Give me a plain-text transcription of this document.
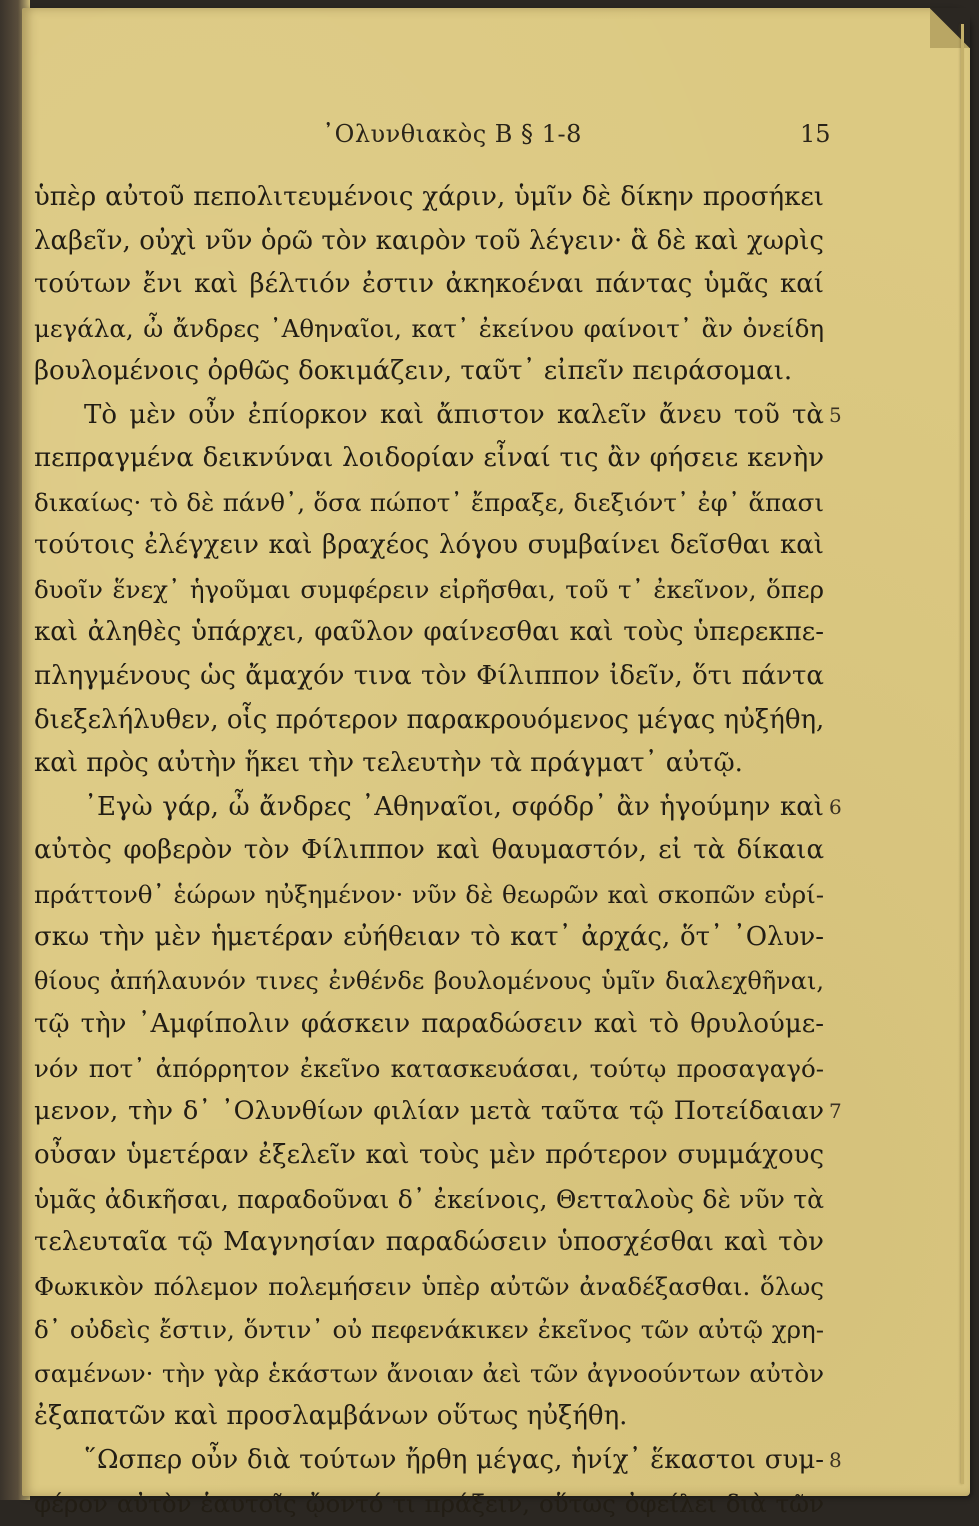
᾿Ολυνθιακὸς Β § 1-8	15
ὑπὲρ αὐτοῦ πεπολιτευμένοις χάριν, ὑμῖν δὲ δίκην προσήκει
λαβεῖν, οὐχὶ νῦν ὁρῶ τὸν καιρὸν τοῦ λέγειν· ἃ δὲ καὶ χωρὶς
τούτων ἔνι καὶ βέλτιόν ἐστιν ἀκηκοέναι πάντας ὑμᾶς καί
μεγάλα, ὦ ἄνδρες ᾿Αθηναῖοι, κατ᾿ ἐκείνου φαίνοιτ᾿ ἂν ὀνείδη
βουλομένοις ὀρθῶς δοκιμάζειν, ταῦτ᾿ εἰπεῖν πειράσομαι.
Τὸ μὲν οὖν ἐπίορκον καὶ ἄπιστον καλεῖν ἄνευ τοῦ τὰ 5
πεπραγμένα δεικνύναι λοιδορίαν εἶναί τις ἂν φήσειε κενὴν
δικαίως· τὸ δὲ πάνθ᾿, ὅσα πώποτ᾿ ἔπραξε, διεξιόντ᾿ ἐφ᾿ ἅπασι
τούτοις ἐλέγχειν καὶ βραχέος λόγου συμβαίνει δεῖσθαι καὶ
δυοῖν ἕνεχ᾿ ἡγοῦμαι συμφέρειν εἰρῆσθαι, τοῦ τ᾿ ἐκεῖνον, ὅπερ
καὶ ἀληθὲς ὑπάρχει, φαῦλον φαίνεσθαι καὶ τοὺς ὑπερεκπε-
πληγμένους ὡς ἄμαχόν τινα τὸν Φίλιππον ἰδεῖν, ὅτι πάντα
διεξελήλυθεν, οἷς πρότερον παρακρουόμενος μέγας ηὐξήθη,
καὶ πρὸς αὐτὴν ἥκει τὴν τελευτὴν τὰ πράγματ᾿ αὐτῷ.
᾿Εγὼ γάρ, ὦ ἄνδρες ᾿Αθηναῖοι, σφόδρ᾿ ἂν ἡγούμην καὶ 6
αὐτὸς φοβερὸν τὸν Φίλιππον καὶ θαυμαστόν, εἰ τὰ δίκαια
πράττονθ᾿ ἑώρων ηὐξημένον· νῦν δὲ θεωρῶν καὶ σκοπῶν εὑρί-
σκω τὴν μὲν ἡμετέραν εὐήθειαν τὸ κατ᾿ ἀρχάς, ὅτ᾿ ᾿Ολυν-
θίους ἀπήλαυνόν τινες ἐνθένδε βουλομένους ὑμῖν διαλεχθῆναι,
τῷ τὴν ᾿Αμφίπολιν φάσκειν παραδώσειν καὶ τὸ θρυλούμε-
νόν ποτ᾿ ἀπόρρητον ἐκεῖνο κατασκευάσαι, τούτῳ προσαγαγό-
μενον, τὴν δ᾿ ᾿Ολυνθίων φιλίαν μετὰ ταῦτα τῷ Ποτείδαιαν 7
οὖσαν ὑμετέραν ἐξελεῖν καὶ τοὺς μὲν πρότερον συμμάχους
ὑμᾶς ἀδικῆσαι, παραδοῦναι δ᾿ ἐκείνοις, Θετταλοὺς δὲ νῦν τὰ
τελευταῖα τῷ Μαγνησίαν παραδώσειν ὑποσχέσθαι καὶ τὸν
Φωκικὸν πόλεμον πολεμήσειν ὑπὲρ αὐτῶν ἀναδέξασθαι. ὅλως
δ᾿ οὐδεὶς ἔστιν, ὅντιν᾿ οὐ πεφενάκικεν ἐκεῖνος τῶν αὐτῷ χρη-
σαμένων· τὴν γὰρ ἑκάστων ἄνοιαν ἀεὶ τῶν ἀγνοούντων αὐτὸν
ἐξαπατῶν καὶ προσλαμβάνων οὕτως ηὐξήθη.
῞Ωσπερ οὖν διὰ τούτων ἤρθη μέγας, ἡνίχ᾿ ἕκαστοι συμ- 8
φέρον αὐτὸν ἑαυτοῖς ᾤοντό τι πράξειν, οὕτως ὀφείλει διὰ τῶν
